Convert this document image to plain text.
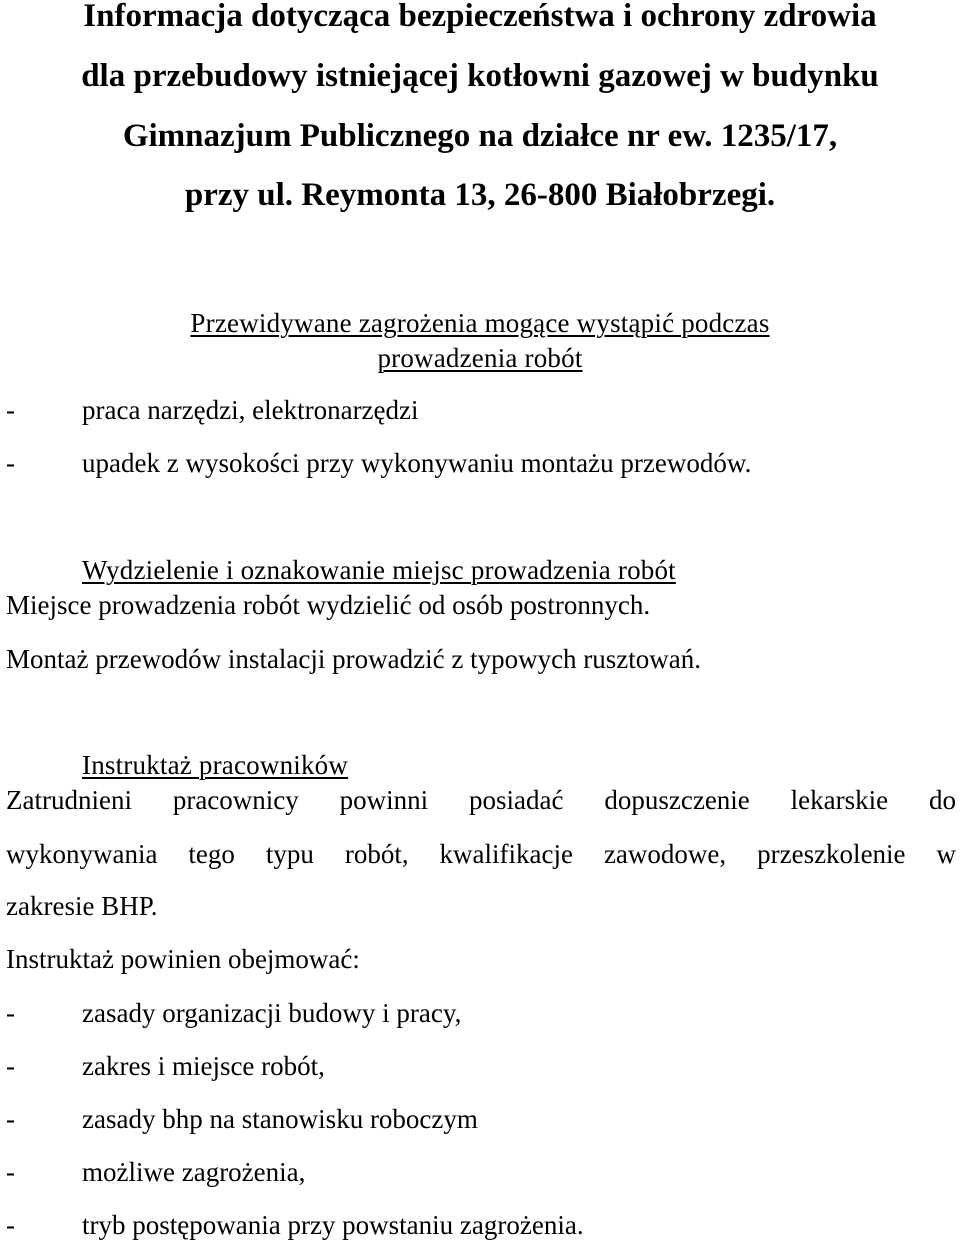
Informacja dotycząca bezpieczeństwa i ochrony zdrowia
dla przebudowy istniejącej kotłowni gazowej w budynku
Gimnazjum Publicznego na działce nr ew. 1235/17,
przy ul. Reymonta 13, 26-800 Białobrzegi.
Przewidywane zagrożenia mogące wystąpić podczas
prowadzenia robót
- praca narzędzi, elektronarzędzi
- upadek z wysokości przy wykonywaniu montażu przewodów.
Wydzielenie i oznakowanie miejsc prowadzenia robót
Miejsce prowadzenia robót wydzielić od osób postronnych.
Montaż przewodów instalacji prowadzić z typowych rusztowań.
Instruktaż pracowników
Zatrudnieni pracownicy powinni posiadać dopuszczenie lekarskie do
wykonywania tego typu robót, kwalifikacje zawodowe, przeszkolenie w
zakresie BHP.
Instruktaż powinien obejmować:
- zasady organizacji budowy i pracy,
- zakres i miejsce robót,
- zasady bhp na stanowisku roboczym
- możliwe zagrożenia,
- tryb postępowania przy powstaniu zagrożenia.
